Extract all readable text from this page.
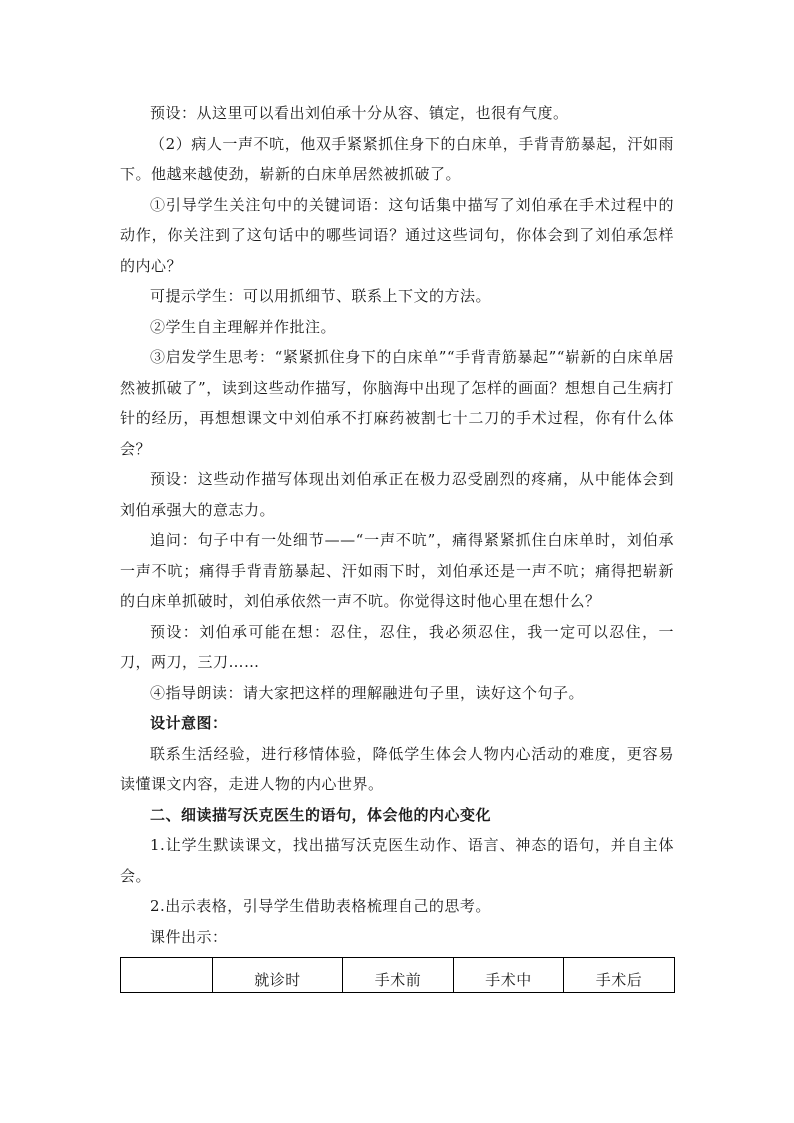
预设：从这里可以看出刘伯承十分从容、镇定，也很有气度。

（2）病人一声不吭，他双手紧紧抓住身下的白床单，手背青筋暴起，汗如雨下。他越来越使劲，崭新的白床单居然被抓破了。

①引导学生关注句中的关键词语：这句话集中描写了刘伯承在手术过程中的动作，你关注到了这句话中的哪些词语？通过这些词句，你体会到了刘伯承怎样的内心？

可提示学生：可以用抓细节、联系上下文的方法。

②学生自主理解并作批注。

③启发学生思考：“紧紧抓住身下的白床单”“手背青筋暴起”“崭新的白床单居然被抓破了”，读到这些动作描写，你脑海中出现了怎样的画面？想想自己生病打针的经历，再想想课文中刘伯承不打麻药被割七十二刀的手术过程，你有什么体会？

预设：这些动作描写体现出刘伯承正在极力忍受剧烈的疼痛，从中能体会到刘伯承强大的意志力。

追问：句子中有一处细节——“一声不吭”，痛得紧紧抓住白床单时，刘伯承一声不吭；痛得手背青筋暴起、汗如雨下时，刘伯承还是一声不吭；痛得把崭新的白床单抓破时，刘伯承依然一声不吭。你觉得这时他心里在想什么？

预设：刘伯承可能在想：忍住，忍住，我必须忍住，我一定可以忍住，一刀，两刀，三刀……

④指导朗读：请大家把这样的理解融进句子里，读好这个句子。

设计意图：

联系生活经验，进行移情体验，降低学生体会人物内心活动的难度，更容易读懂课文内容，走进人物的内心世界。

二、细读描写沃克医生的语句，体会他的内心变化

1.让学生默读课文，找出描写沃克医生动作、语言、神态的语句，并自主体会。

2.出示表格，引导学生借助表格梳理自己的思考。

课件出示：

	就诊时	手术前	手术中	手术后
